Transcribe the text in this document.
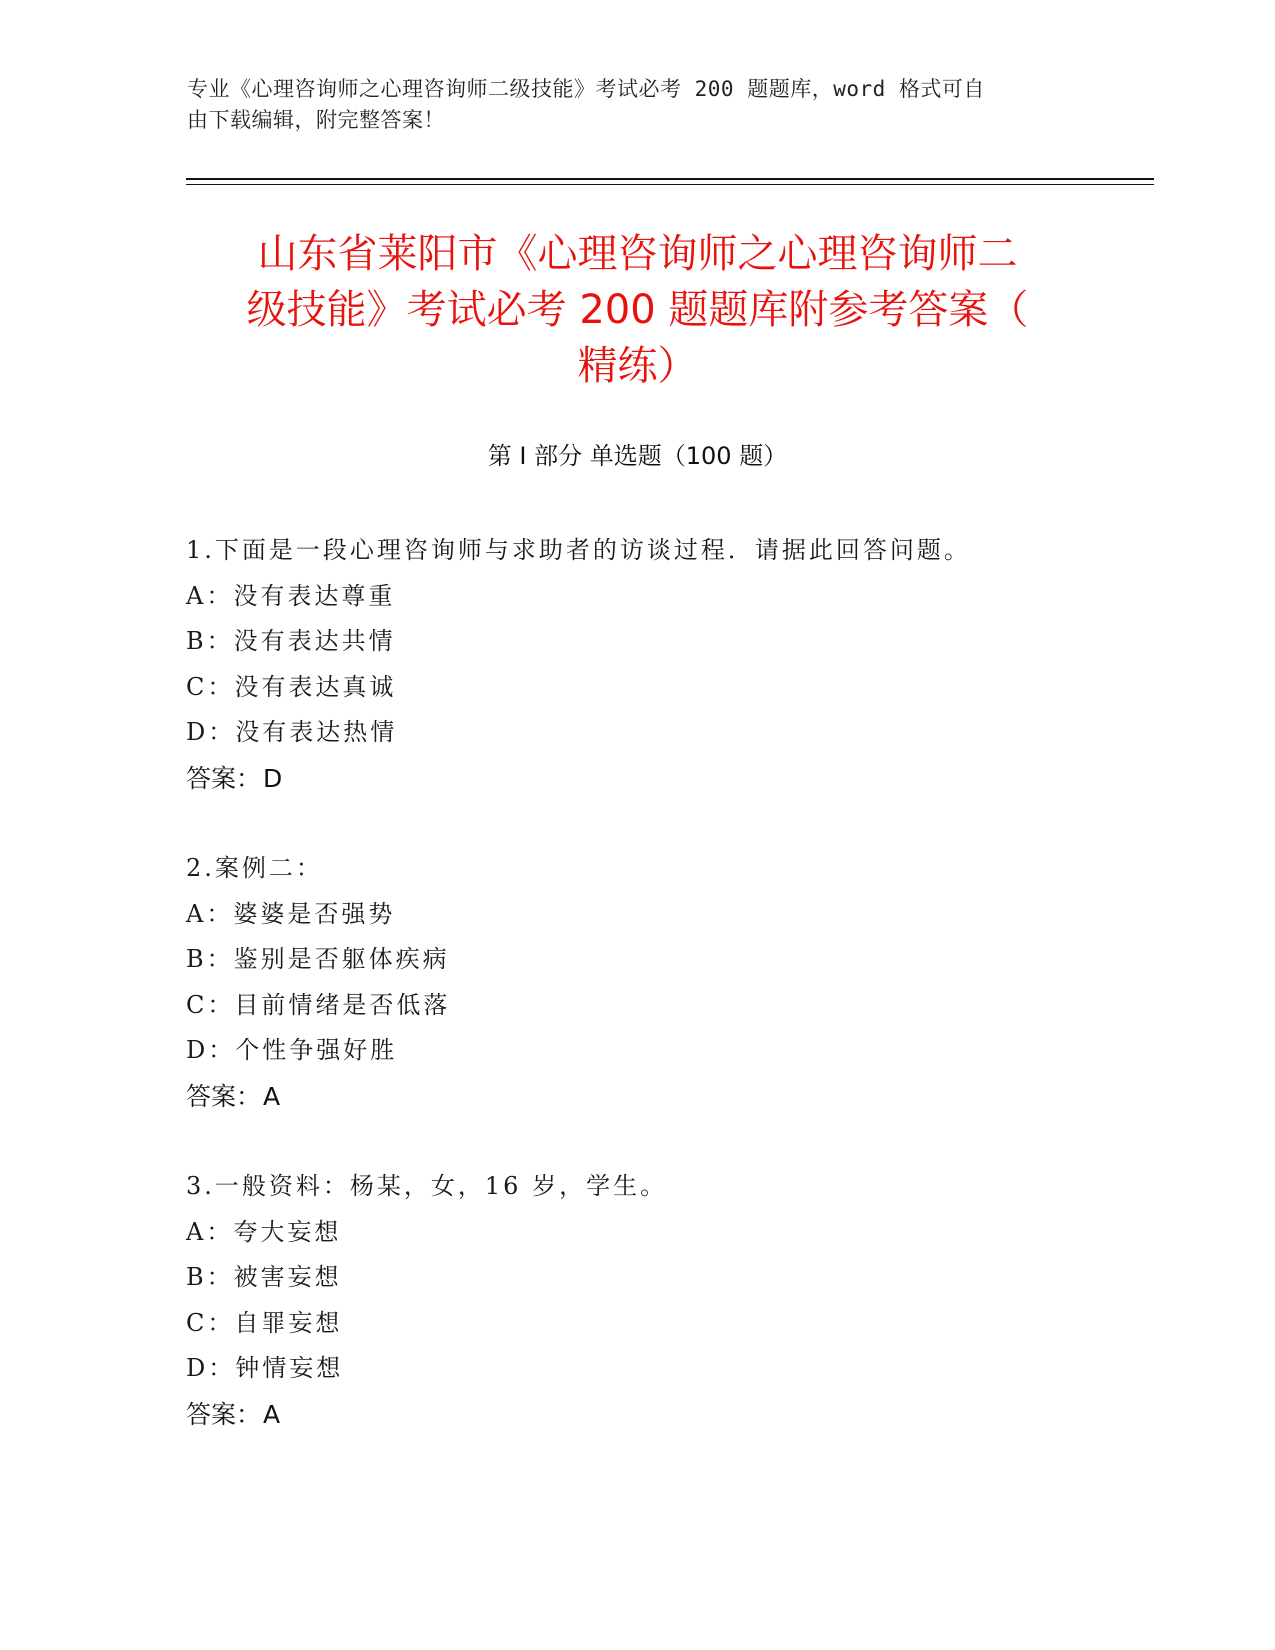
专业《心理咨询师之心理咨询师二级技能》考试必考 200 题题库，word 格式可自
由下载编辑，附完整答案！
山东省莱阳市《心理咨询师之心理咨询师二
级技能》考试必考 200 题题库附参考答案（
精练）
第 I 部分 单选题（100 题）
1.下面是一段心理咨询师与求助者的访谈过程．请据此回答问题。
A：没有表达尊重
B：没有表达共情
C：没有表达真诚
D：没有表达热情
答案：D
2.案例二：
A：婆婆是否强势
B：鉴别是否躯体疾病
C：目前情绪是否低落
D：个性争强好胜
答案：A
3.一般资料：杨某，女，16 岁，学生。
A：夸大妄想
B：被害妄想
C：自罪妄想
D：钟情妄想
答案：A
